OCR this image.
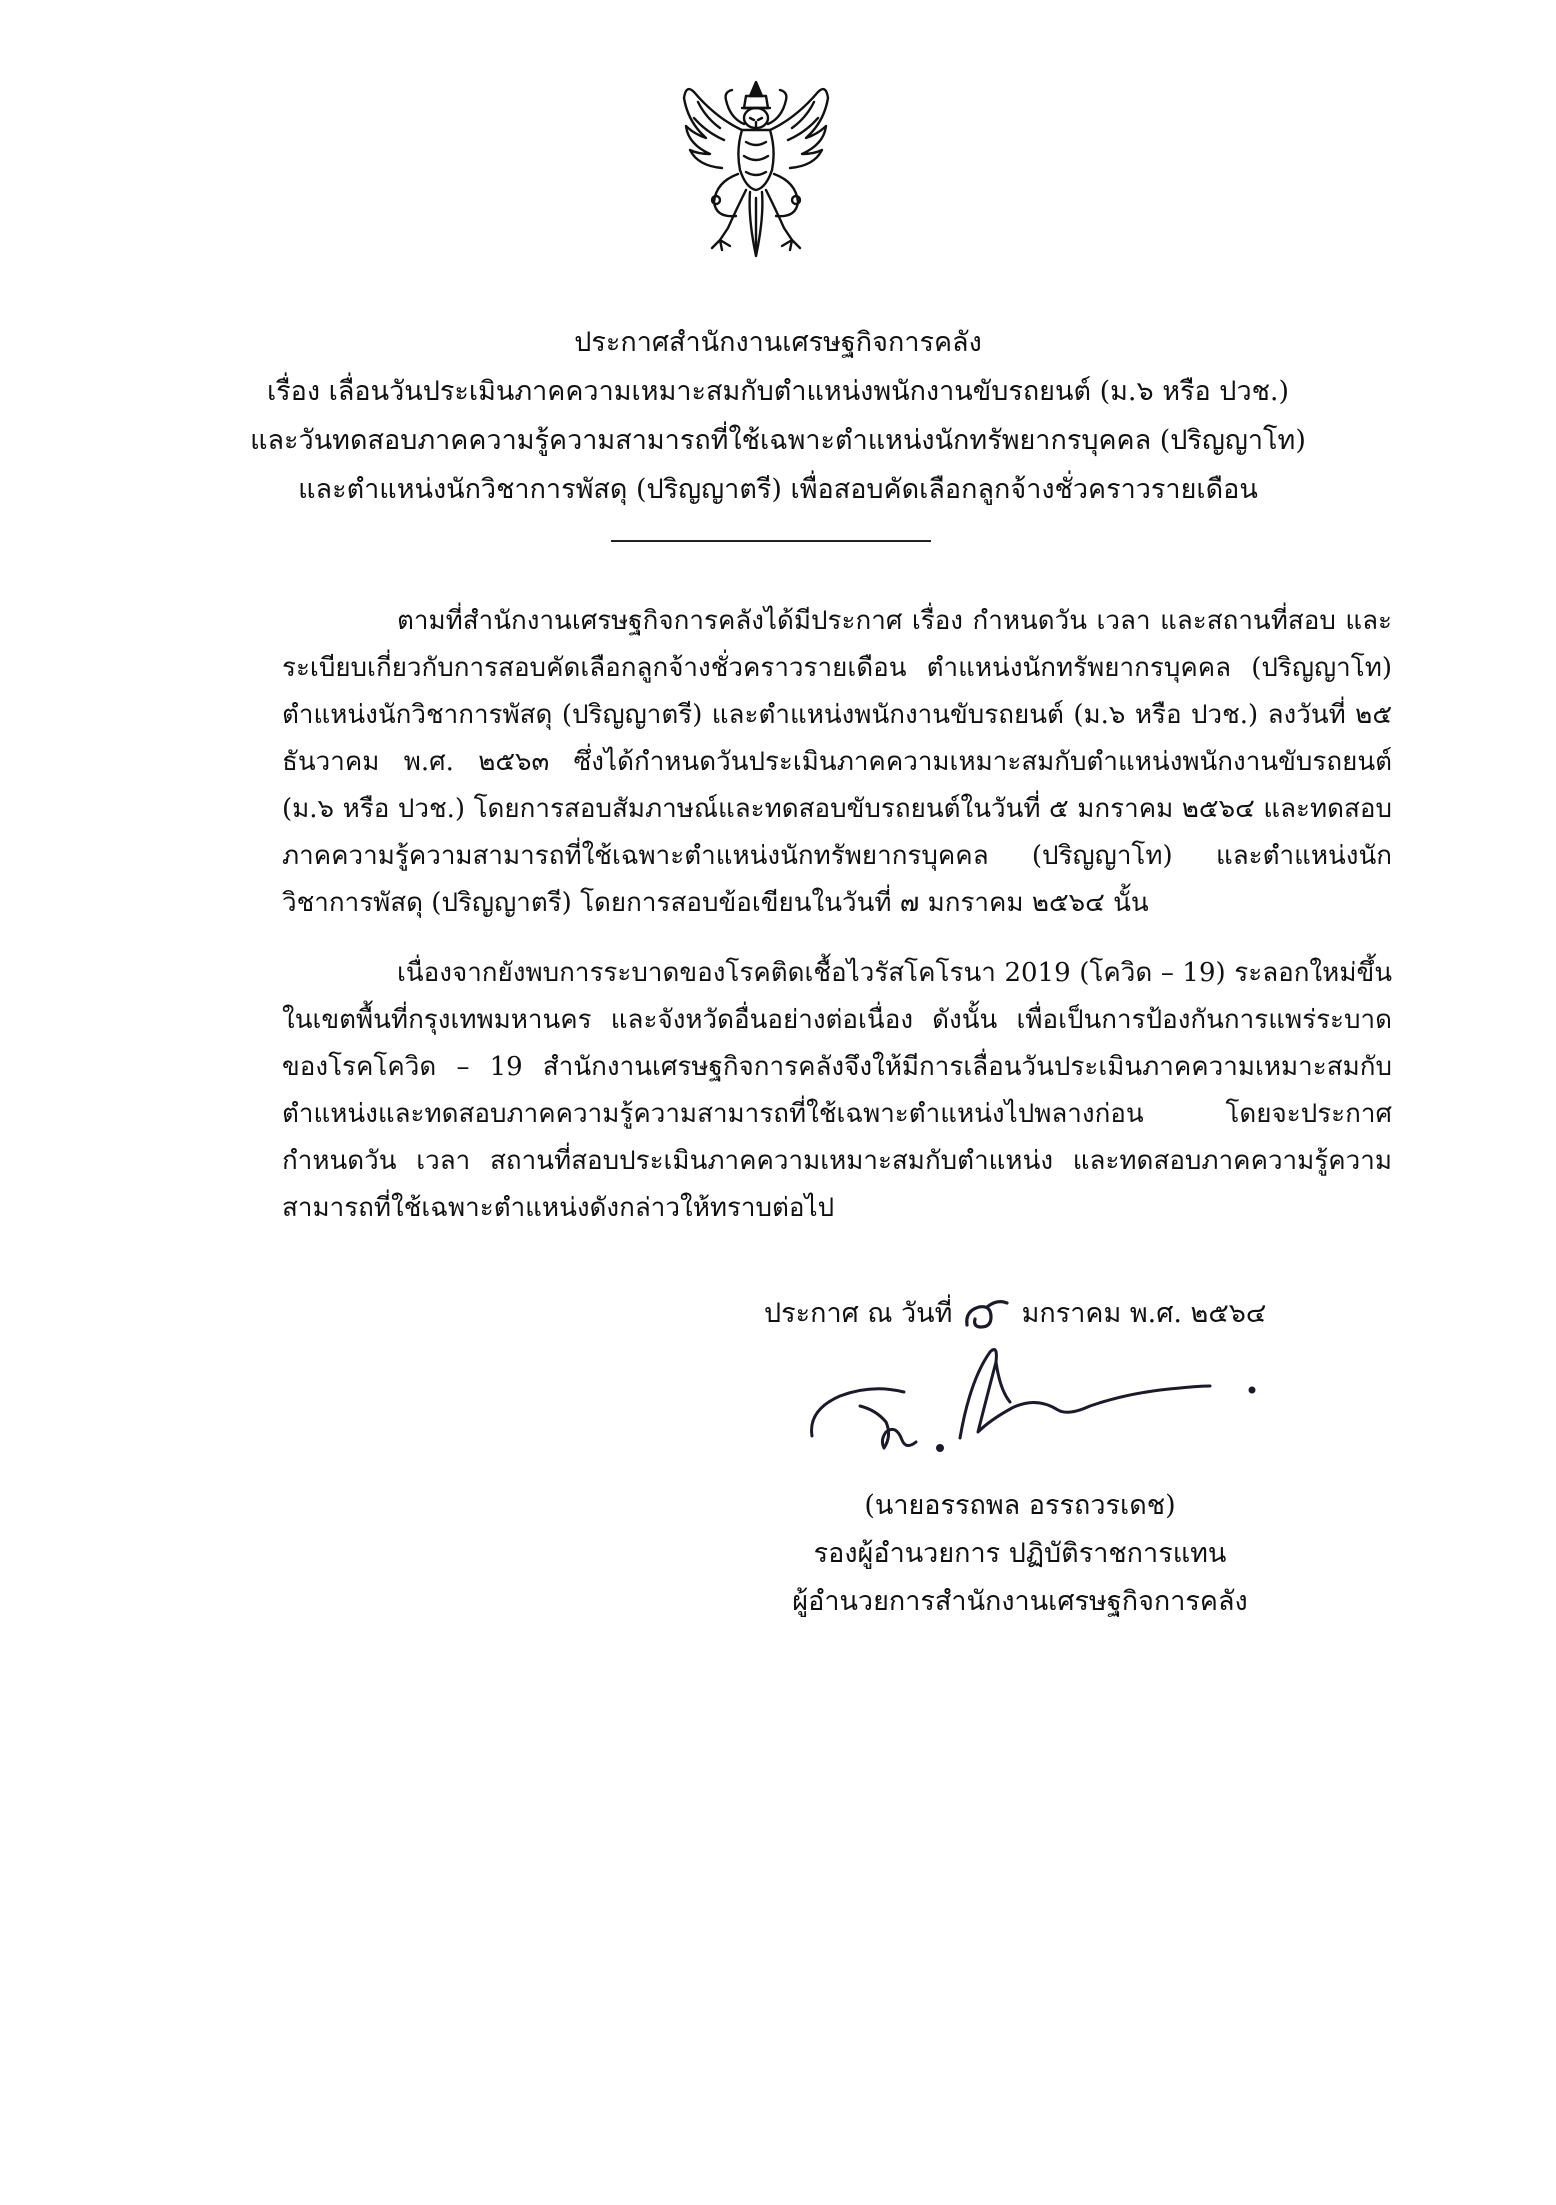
ประกาศสำนักงานเศรษฐกิจการคลัง
เรื่อง เลื่อนวันประเมินภาคความเหมาะสมกับตำแหน่งพนักงานขับรถยนต์ (ม.๖ หรือ ปวช.)
และวันทดสอบภาคความรู้ความสามารถที่ใช้เฉพาะตำแหน่งนักทรัพยากรบุคคล (ปริญญาโท)
และตำแหน่งนักวิชาการพัสดุ (ปริญญาตรี) เพื่อสอบคัดเลือกลูกจ้างชั่วคราวรายเดือน

ตามที่สำนักงานเศรษฐกิจการคลังได้มีประกาศ เรื่อง กำหนดวัน เวลา และสถานที่สอบ และระเบียบเกี่ยวกับการสอบคัดเลือกลูกจ้างชั่วคราวรายเดือน ตำแหน่งนักทรัพยากรบุคคล (ปริญญาโท) ตำแหน่งนักวิชาการพัสดุ (ปริญญาตรี) และตำแหน่งพนักงานขับรถยนต์ (ม.๖ หรือ ปวช.) ลงวันที่ ๒๕ ธันวาคม พ.ศ. ๒๕๖๓ ซึ่งได้กำหนดวันประเมินภาคความเหมาะสมกับตำแหน่งพนักงานขับรถยนต์ (ม.๖ หรือ ปวช.) โดยการสอบสัมภาษณ์และทดสอบขับรถยนต์ในวันที่ ๕ มกราคม ๒๕๖๔ และทดสอบภาคความรู้ความสามารถที่ใช้เฉพาะตำแหน่งนักทรัพยากรบุคคล (ปริญญาโท) และตำแหน่งนักวิชาการพัสดุ (ปริญญาตรี) โดยการสอบข้อเขียนในวันที่ ๗ มกราคม ๒๕๖๔ นั้น

เนื่องจากยังพบการระบาดของโรคติดเชื้อไวรัสโคโรนา 2019 (โควิด – 19) ระลอกใหม่ขึ้นในเขตพื้นที่กรุงเทพมหานคร และจังหวัดอื่นอย่างต่อเนื่อง ดังนั้น เพื่อเป็นการป้องกันการแพร่ระบาดของโรคโควิด – 19 สำนักงานเศรษฐกิจการคลังจึงให้มีการเลื่อนวันประเมินภาคความเหมาะสมกับตำแหน่งและทดสอบภาคความรู้ความสามารถที่ใช้เฉพาะตำแหน่งไปพลางก่อน โดยจะประกาศกำหนดวัน เวลา สถานที่สอบประเมินภาคความเหมาะสมกับตำแหน่ง และทดสอบภาคความรู้ความสามารถที่ใช้เฉพาะตำแหน่งดังกล่าวให้ทราบต่อไป

ประกาศ ณ วันที่	มกราคม พ.ศ. ๒๕๖๔
(นายอรรถพล อรรถวรเดช)
รองผู้อำนวยการ ปฏิบัติราชการแทน
ผู้อำนวยการสำนักงานเศรษฐกิจการคลัง
